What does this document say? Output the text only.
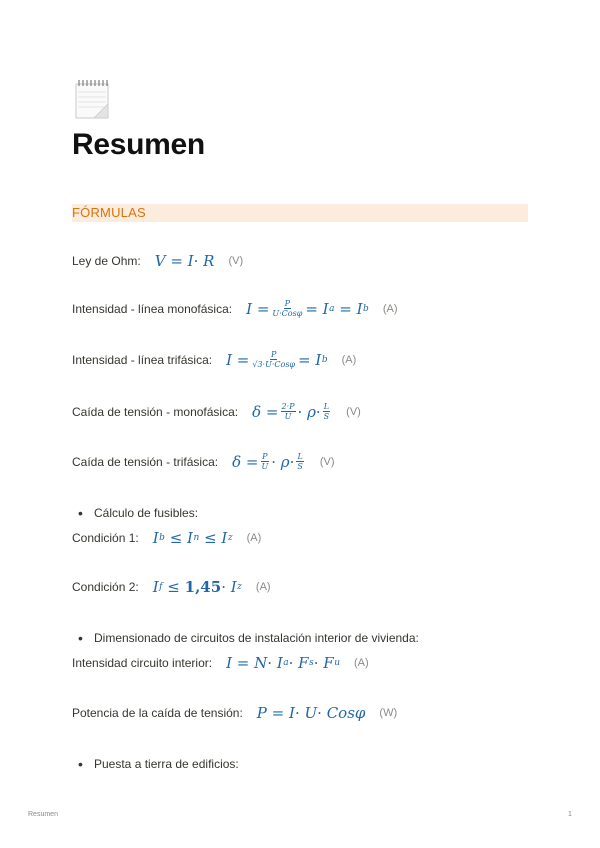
Resumen
FÓRMULAS
Ley de Ohm: V = I · R (V)
Intensidad - línea monofásica: $I = \frac{P}{\text{U·Cosφ}} = I$ a
= I b (A)
Intensidad - línea trifásica: $I = \frac{P}{\text{√3·U·Cosφ}} = I$ b (A)
Caída de tensión - monofásica: $\delta = \frac{2\cdot P}{U} \cdot \rho \cdot \frac{L}{S} (V)$
Caída de tensión - trifásica: $\delta = \frac{P}{U} \cdot \rho \cdot \frac{L}{S} (V)$
• Cálculo de fusibles:
Condición 1: I b
≤ I n
≤ I z (A)
Condición 2: I f
≤
1,45 · I z (A)
• Dimensionado de circuitos de instalación interior de vivienda:
Intensidad circuito interior: I = N · I a · F s · F u (A)
Potencia de la caída de tensión: P = I · U · Cosφ (W)
• Puesta a tierra de edificios:
Resumen	1
